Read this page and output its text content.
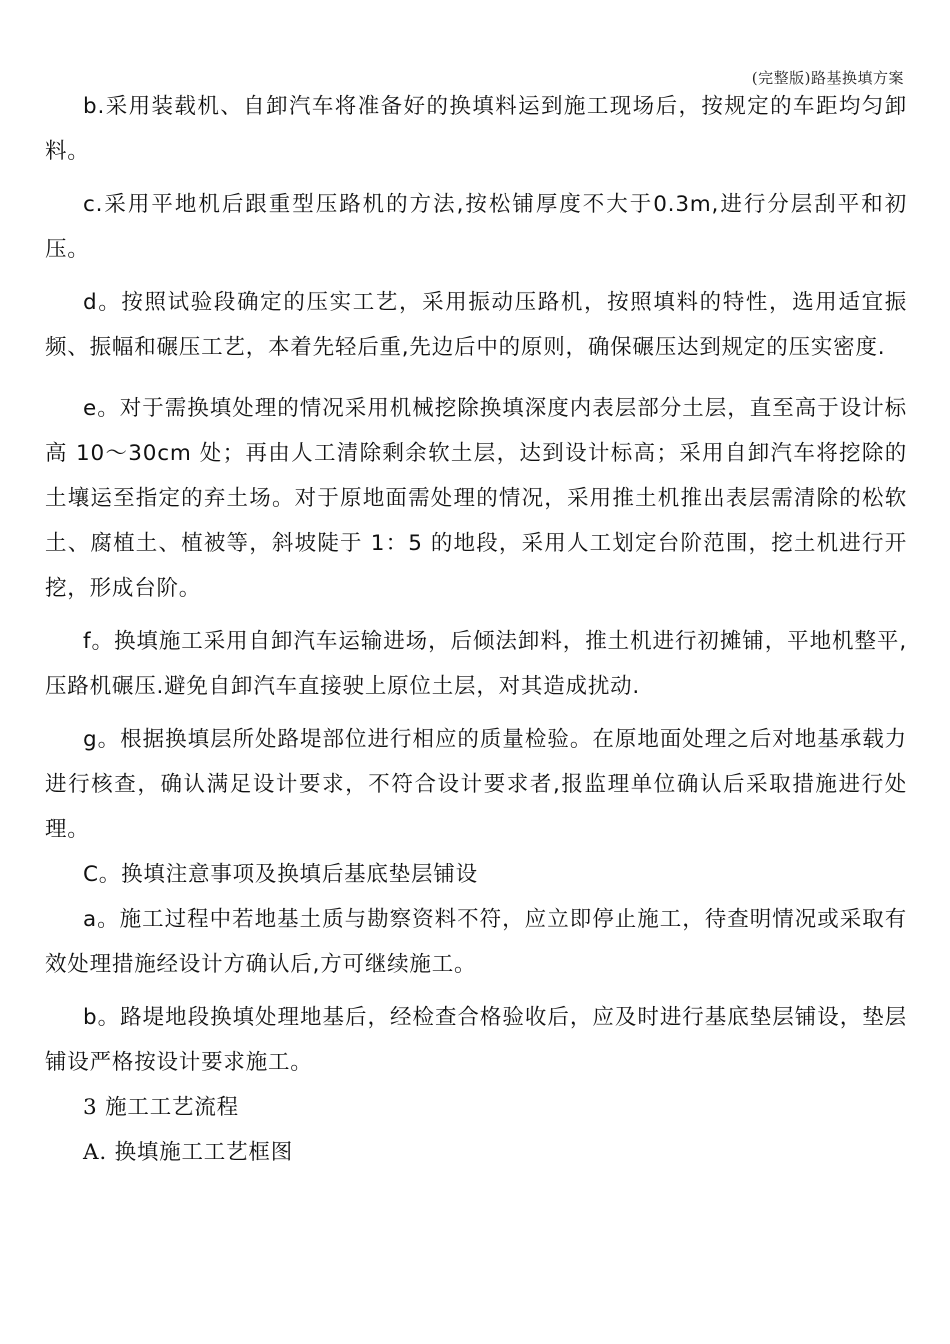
(完整版)路基换填方案

b.采用装载机、自卸汽车将准备好的换填料运到施工现场后，按规定的车距均匀卸料。

c.采用平地机后跟重型压路机的方法,按松铺厚度不大于0.3m,进行分层刮平和初压。

d。按照试验段确定的压实工艺，采用振动压路机，按照填料的特性，选用适宜振频、振幅和碾压工艺，本着先轻后重,先边后中的原则，确保碾压达到规定的压实密度.

e。对于需换填处理的情况采用机械挖除换填深度内表层部分土层，直至高于设计标高 10～30cm 处；再由人工清除剩余软土层，达到设计标高；采用自卸汽车将挖除的土壤运至指定的弃土场。对于原地面需处理的情况，采用推土机推出表层需清除的松软土、腐植土、植被等，斜坡陡于 1：5 的地段，采用人工划定台阶范围，挖土机进行开挖，形成台阶。

f。换填施工采用自卸汽车运输进场，后倾法卸料，推土机进行初摊铺，平地机整平,压路机碾压.避免自卸汽车直接驶上原位土层，对其造成扰动.

g。根据换填层所处路堤部位进行相应的质量检验。在原地面处理之后对地基承载力进行核查，确认满足设计要求，不符合设计要求者,报监理单位确认后采取措施进行处理。

C。换填注意事项及换填后基底垫层铺设

a。施工过程中若地基土质与勘察资料不符，应立即停止施工，待查明情况或采取有效处理措施经设计方确认后,方可继续施工。

b。路堤地段换填处理地基后，经检查合格验收后，应及时进行基底垫层铺设，垫层铺设严格按设计要求施工。

3 施工工艺流程

A. 换填施工工艺框图
